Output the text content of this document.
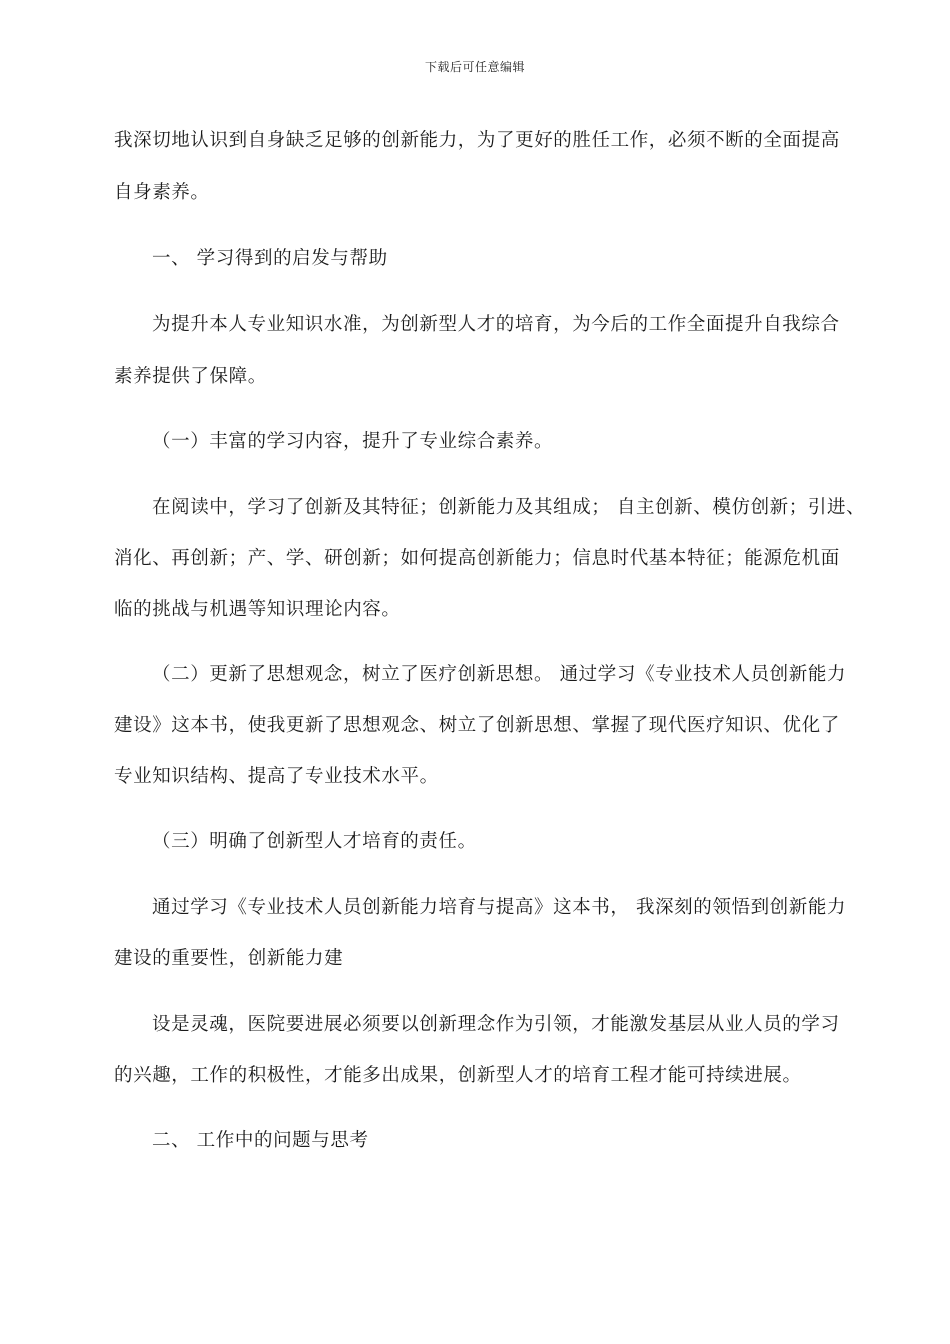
下载后可任意编辑
我深切地认识到自身缺乏足够的创新能力，为了更好的胜任工作，必须不断的全面提高
自身素养。
一、 学习得到的启发与帮助
为提升本人专业知识水准，为创新型人才的培育，为今后的工作全面提升自我综合
素养提供了保障。
（一）丰富的学习内容，提升了专业综合素养。
在阅读中，学习了创新及其特征；创新能力及其组成； 自主创新、模仿创新；引进、
消化、再创新；产、学、研创新；如何提高创新能力；信息时代基本特征；能源危机面
临的挑战与机遇等知识理论内容。
（二）更新了思想观念，树立了医疗创新思想。 通过学习《专业技术人员创新能力
建设》这本书，使我更新了思想观念、树立了创新思想、掌握了现代医疗知识、优化了
专业知识结构、提高了专业技术水平。
（三）明确了创新型人才培育的责任。
通过学习《专业技术人员创新能力培育与提高》这本书， 我深刻的领悟到创新能力
建设的重要性，创新能力建
设是灵魂，医院要进展必须要以创新理念作为引领，才能激发基层从业人员的学习
的兴趣，工作的积极性，才能多出成果，创新型人才的培育工程才能可持续进展。
二、 工作中的问题与思考
